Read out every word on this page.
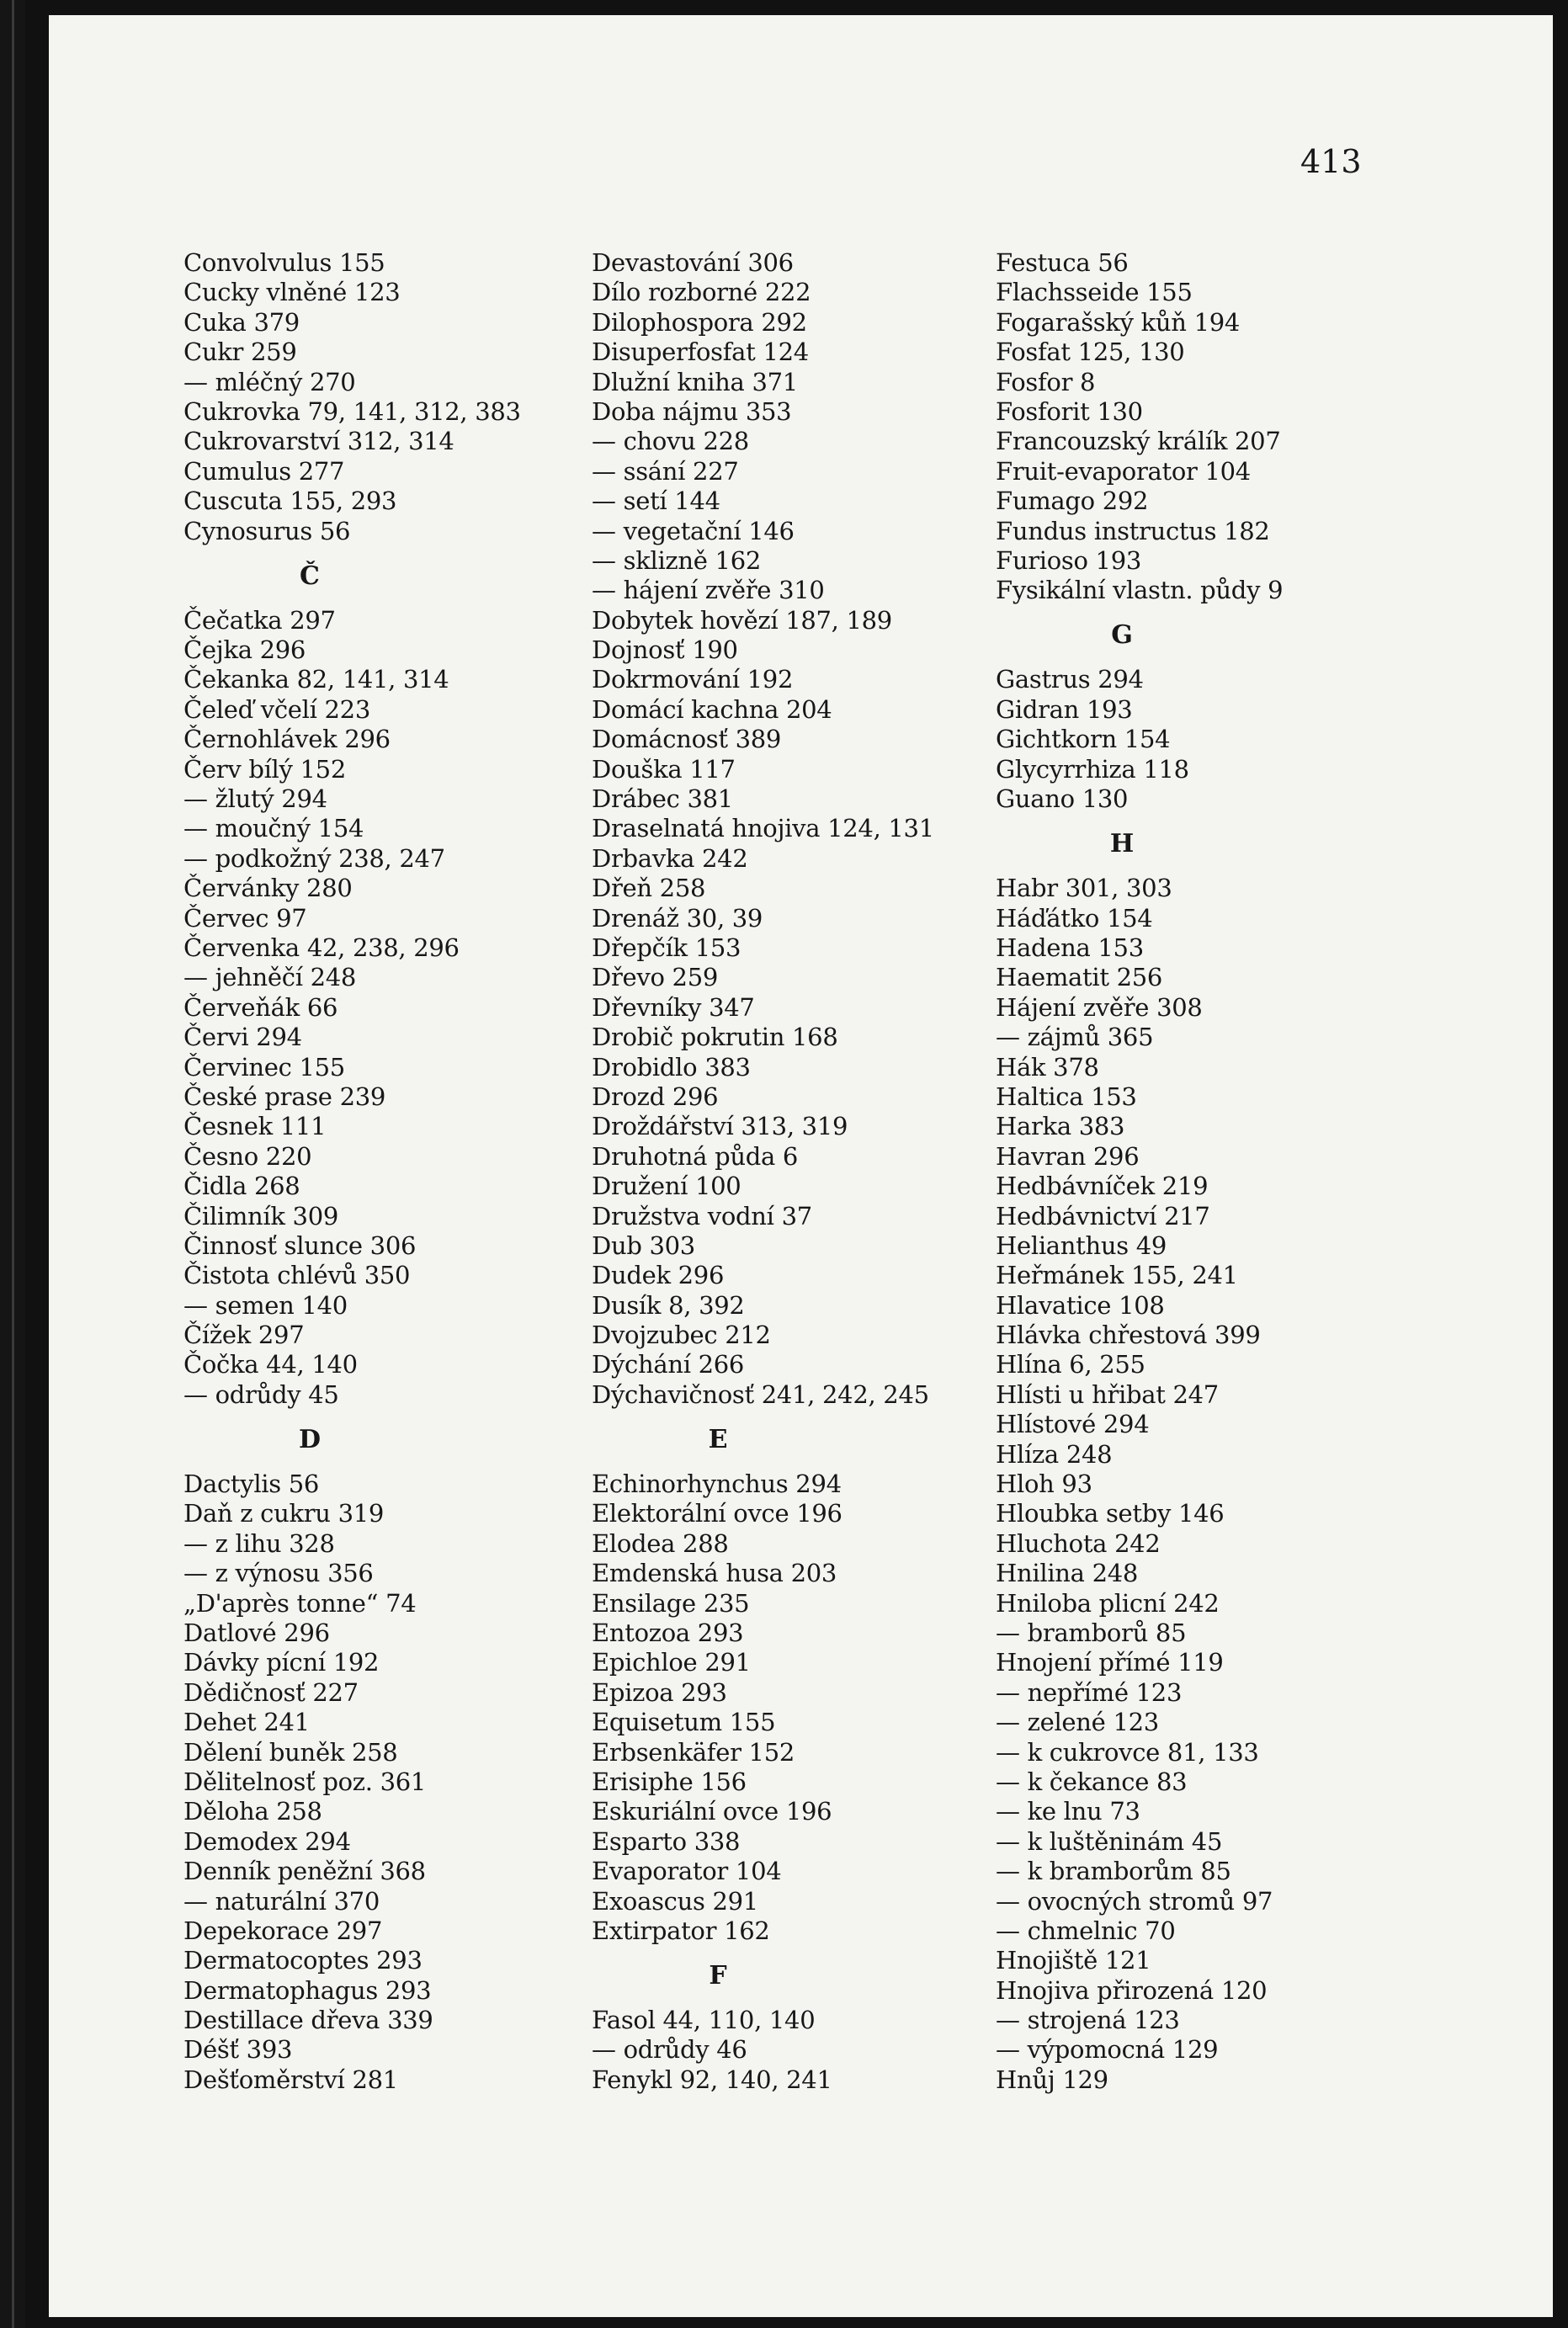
413
Convolvulus 155
Cucky vlněné 123
Cuka 379
Cukr 259
— mléčný 270
Cukrovka 79, 141, 312, 383
Cukrovarství 312, 314
Cumulus 277
Cuscuta 155, 293
Cynosurus 56
Č
Čečatka 297
Čejka 296
Čekanka 82, 141, 314
Čeleď včelí 223
Černohlávek 296
Červ bílý 152
— žlutý 294
— moučný 154
— podkožný 238, 247
Červánky 280
Červec 97
Červenka 42, 238, 296
— jehněčí 248
Červeňák 66
Červi 294
Červinec 155
České prase 239
Česnek 111
Česno 220
Čidla 268
Čilimník 309
Činnosť slunce 306
Čistota chlévů 350
— semen 140
Čížek 297
Čočka 44, 140
— odrůdy 45
D
Dactylis 56
Daň z cukru 319
— z lihu 328
— z výnosu 356
„D'après tonne“ 74
Datlové 296
Dávky pícní 192
Dědičnosť 227
Dehet 241
Dělení buněk 258
Dělitelnosť poz. 361
Děloha 258
Demodex 294
Denník peněžní 368
— naturální 370
Depekorace 297
Dermatocoptes 293
Dermatophagus 293
Destillace dřeva 339
Déšť 393
Dešťoměrství 281
Devastování 306
Dílo rozborné 222
Dilophospora 292
Disuperfosfat 124
Dlužní kniha 371
Doba nájmu 353
— chovu 228
— ssání 227
— setí 144
— vegetační 146
— sklizně 162
— hájení zvěře 310
Dobytek hovězí 187, 189
Dojnosť 190
Dokrmování 192
Domácí kachna 204
Domácnosť 389
Douška 117
Drábec 381
Draselnatá hnojiva 124, 131
Drbavka 242
Dřeň 258
Drenáž 30, 39
Dřepčík 153
Dřevo 259
Dřevníky 347
Drobič pokrutin 168
Drobidlo 383
Drozd 296
Droždářství 313, 319
Druhotná půda 6
Družení 100
Družstva vodní 37
Dub 303
Dudek 296
Dusík 8, 392
Dvojzubec 212
Dýchání 266
Dýchavičnosť 241, 242, 245
E
Echinorhynchus 294
Elektorální ovce 196
Elodea 288
Emdenská husa 203
Ensilage 235
Entozoa 293
Epichloe 291
Epizoa 293
Equisetum 155
Erbsenkäfer 152
Erisiphe 156
Eskuriální ovce 196
Esparto 338
Evaporator 104
Exoascus 291
Extirpator 162
F
Fasol 44, 110, 140
— odrůdy 46
Fenykl 92, 140, 241
Festuca 56
Flachsseide 155
Fogarašský kůň 194
Fosfat 125, 130
Fosfor 8
Fosforit 130
Francouzský králík 207
Fruit-evaporator 104
Fumago 292
Fundus instructus 182
Furioso 193
Fysikální vlastn. půdy 9
G
Gastrus 294
Gidran 193
Gichtkorn 154
Glycyrrhiza 118
Guano 130
H
Habr 301, 303
Háďátko 154
Hadena 153
Haematit 256
Hájení zvěře 308
— zájmů 365
Hák 378
Haltica 153
Harka 383
Havran 296
Hedbávníček 219
Hedbávnictví 217
Helianthus 49
Heřmánek 155, 241
Hlavatice 108
Hlávka chřestová 399
Hlína 6, 255
Hlísti u hřibat 247
Hlístové 294
Hlíza 248
Hloh 93
Hloubka setby 146
Hluchota 242
Hnilina 248
Hniloba plicní 242
— bramborů 85
Hnojení přímé 119
— nepřímé 123
— zelené 123
— k cukrovce 81, 133
— k čekance 83
— ke lnu 73
— k luštěninám 45
— k bramborům 85
— ovocných stromů 97
— chmelnic 70
Hnojiště 121
Hnojiva přirozená 120
— strojená 123
— výpomocná 129
Hnůj 129
